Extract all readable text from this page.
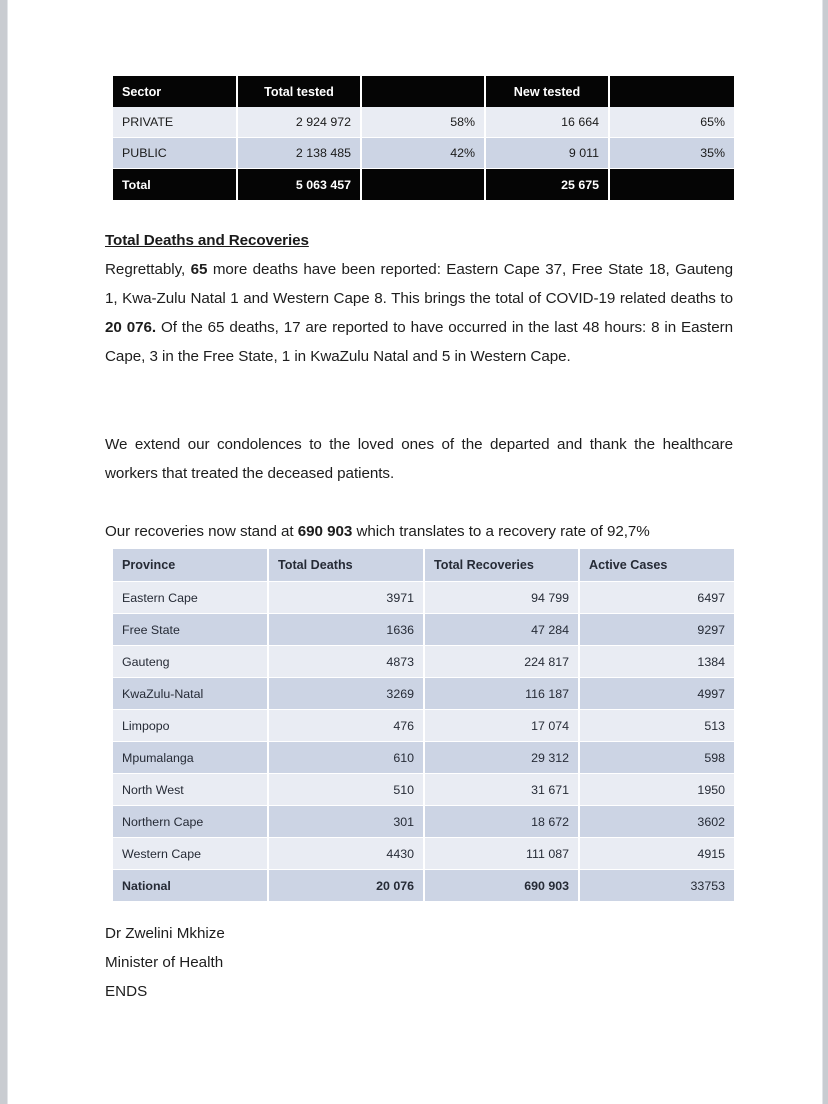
Sector	Total tested		New tested	
PRIVATE	2 924 972	58%	16 664	65%
PUBLIC	2 138 485	42%	9 011	35%
Total	5 063 457		25 675	
Total Deaths and Recoveries

Regrettably, 65 more deaths have been reported: Eastern Cape 37, Free State 18, Gauteng 1, Kwa-Zulu Natal 1 and Western Cape 8. This brings the total of COVID-19 related deaths to 20 076. Of the 65 deaths, 17 are reported to have occurred in the last 48 hours: 8 in Eastern Cape, 3 in the Free State, 1 in KwaZulu Natal and 5 in Western Cape.

We extend our condolences to the loved ones of the departed and thank the healthcare workers that treated the deceased patients.

Our recoveries now stand at 690 903 which translates to a recovery rate of 92,7%

Province	Total Deaths	Total Recoveries	Active Cases
Eastern Cape	3971	94 799	6497
Free State	1636	47 284	9297
Gauteng	4873	224 817	1384
KwaZulu-Natal	3269	116 187	4997
Limpopo	476	17 074	513
Mpumalanga	610	29 312	598
North West	510	31 671	1950
Northern Cape	301	18 672	3602
Western Cape	4430	111 087	4915
National	20 076	690 903	33753
Dr Zwelini Mkhize
Minister of Health
ENDS
